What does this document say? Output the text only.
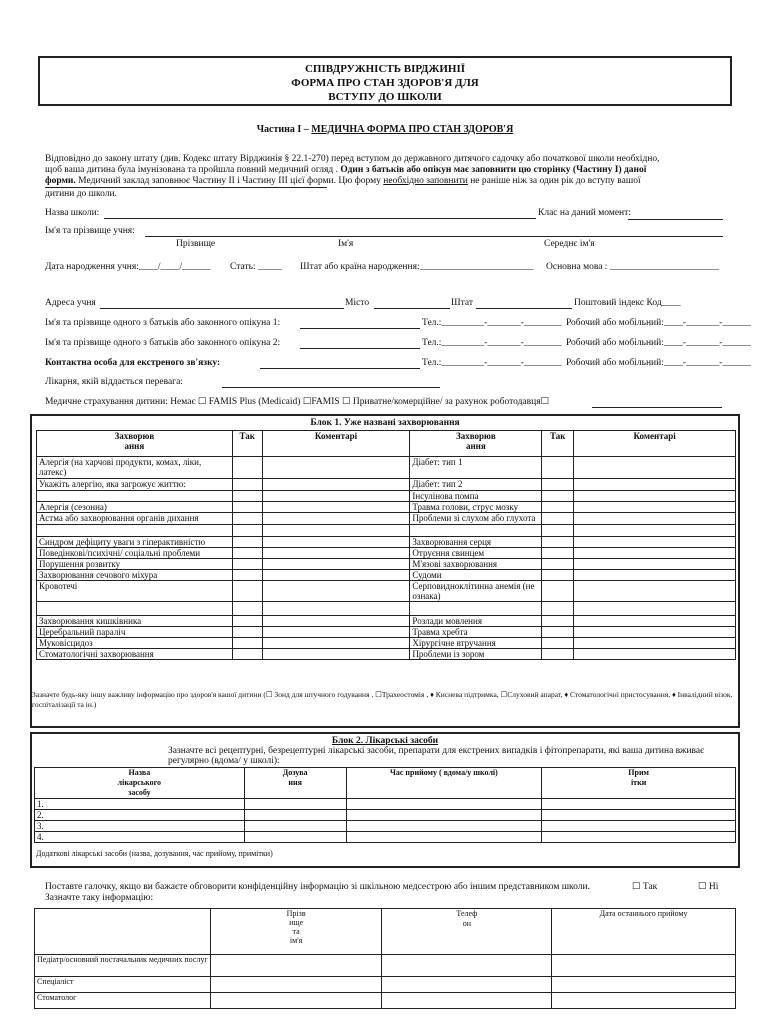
СПІВДРУЖНІСТЬ ВІРДЖИНІЇ
ФОРМА ПРО СТАН ЗДОРОВ'Я ДЛЯ
ВСТУПУ ДО ШКОЛИ
Частина I – МЕДИЧНА ФОРМА ПРО СТАН ЗДОРОВ'Я
Відповідно до закону штату (див. Кодекс штату Вірджинія § 22.1-270) перед вступом до державного дитячого садочку або початкової школи необхідно,
щоб ваша дитина була імунізована та пройшла повний медичний огляд . Один з батьків або опікун має заповнити цю сторінку (Частину I) даної
форми. Медичний заклад заповнює Частину II і Частину III цієї форми. Цю форму необхідно заповнити не раніше ніж за один рік до вступу вашої
дитини до школи.
Назва школи:	Клас на даний момент:
Ім'я та прізвище учня:
Прізвище	Ім'я	Середнє ім'я
Дата народження учня:____/____/______ Стать: _____ Штат або країна народження:________________________ Основна мова : _______________________
Адреса учня	Місто	Штат	Поштовий індекс Код____
Ім'я та прізвище одного з батьків або законного опікуна 1:	Тел.:_________-_______-________ Робочий або мобільний:____-_______-______
Ім'я та прізвище одного з батьків або законного опікуна 2:	Тел.:_________-_______-________ Робочий або мобільний:____-_______-______
Контактна особа для екстреного зв'язку:	Тел.:_________-_______-________ Робочий або мобільний:____-_______-______
Лікарня, якій віддається перевага:
Медичне страхування дитини: Немає ☐ FAMIS Plus (Medicaid) ☐FAMIS ☐ Приватне/комерційне/ за рахунок роботодавця☐
Блок 1. Уже названі захворювання
Захворюв
ання	Так	Коментарі	Захворюв
ання	Так	Коментарі
Алергія (на харчові продукти, комах, ліки, латекс)			Діабет: тип 1		
Укажіть алергію, яка загрожує життю:			Діабет: тип 2		
			Інсулінова помпа		
Алергія (сезонна)			Травма голови, струс мозку		
Астма або захворювання органів дихання			Проблеми зі слухом або глухота		

Синдром дефіциту уваги з гіперактивністю			Захворювання серця		
Поведінкові/психічні/ соціальні проблеми			Отруєння свинцем		
Порушення розвитку			М'язові захворювання		
Захворювання сечового міхура			Судоми		
Кровотечі			Серповидноклітинна анемія (не ознака)		

Захворювання кишківника			Розлади мовлення		
Церебральний параліч			Травма хребта		
Муковісцидоз			Хірургічне втручання		
Стоматологічні захворювання			Проблеми із зором		
Зазначте будь-яку іншу важливу інформацію про здоров'я вашої дитини (☐ Зонд для штучного годування , ☐Трахеостомія , ♦ Киснева підтримка, ☐Слуховий апарат, ♦ Стоматологічні пристосування, ♦ Інвалідний візок, госпіталізації та ін.)
Блок 2. Лікарські засоби
Зазначте всі рецептурні, безрецептурні лікарські засоби, препарати для екстрених випадків і фітопрепарати, які ваша дитина вживає
регулярно (вдома/ у школі):
Назва
лікарського
засобу	Дозува
ння	Час прийому ( вдома/у школі)	Прим
ітки
1.			
2.			
3.			
4.			
Додаткові лікарські засоби (назва, дозування, час прийому, примітки)
Поставте галочку, якщо ви бажаєте обговорити конфіденційну інформацію зі шкільною медсестрою або іншим представником школи.	☐ Так	☐ Ні
Зазначте таку інформацію:
	Прізв
ище
та
ім'я	Телеф
он	Дата останнього прийому
Педіатр/основний постачальник медичних послуг			
Спеціаліст			
Стоматолог			
